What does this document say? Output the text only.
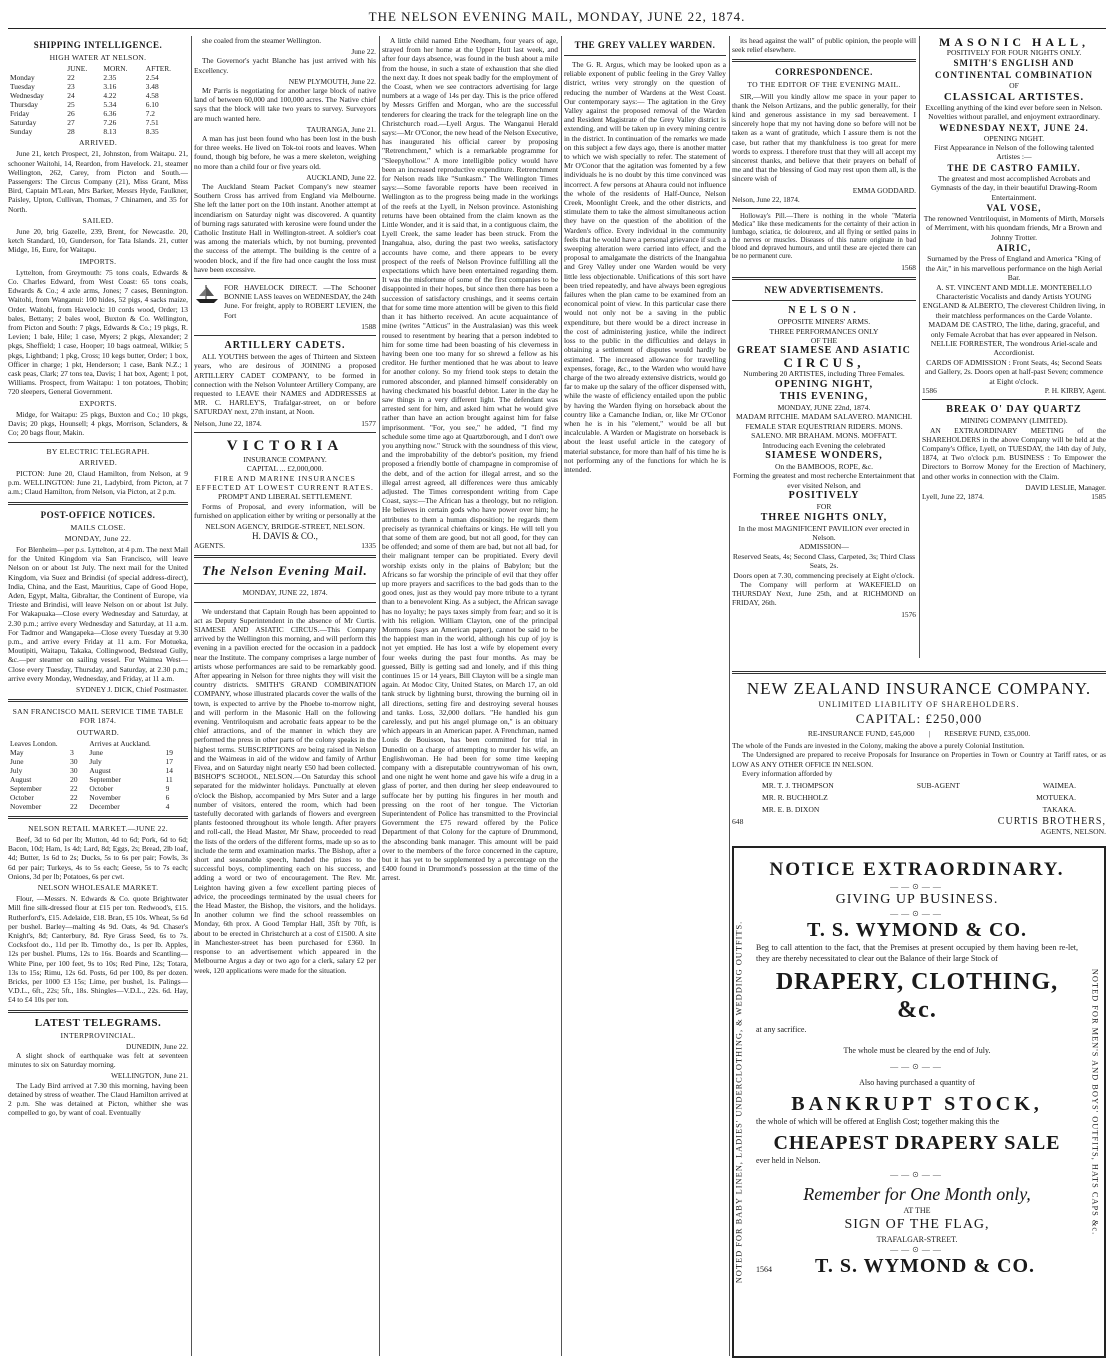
THE NELSON EVENING MAIL, MONDAY, JUNE 22, 1874.
SHIPPING INTELLIGENCE.
HIGH WATER AT NELSON.
	JUNE.	MORN.	AFTER.
Monday	22	2.35	2.54
Tuesday	23	3.16	3.48
Wednesday	24	4.22	4.58
Thursday	25	5.34	6.10
Friday	26	6.36	7.2
Saturday	27	7.26	7.51
Sunday	28	8.13	8.35
ARRIVED.

June 21, ketch Prospect, 21, Johnston, from Waitapu. 21, schooner Waitohi, 14, Reardon, from Havelock. 21, steamer Wellington, 262, Carey, from Picton and South.—Passengers: The Circus Company (21), Miss Grant, Miss Bird, Captain M'Lean, Mrs Barker, Messrs Hyde, Faulkner, Paisley, Upton, Cullivan, Thomas, 7 Chinamen, and 35 for North.

SAILED.

June 20, brig Gazelle, 239, Brent, for Newcastle. 20, ketch Standard, 10, Gunderson, for Tata Islands. 21, cutter Midge, 16, Eure, for Waitapu.

IMPORTS.

Lyttelton, from Greymouth: 75 tons coals, Edwards & Co. Charles Edward, from West Coast: 65 tons coals, Edwards & Co.; 4 axle arms, Jones; 7 cases, Bennington. Waitohi, from Wanganui: 100 hides, 52 pigs, 4 sacks maize, Order. Waitohi, from Havelock: 10 cords wood, Order; 13 bales, Bettany; 2 bales wool, Buxton & Co. Wellington, from Picton and South: 7 pkgs, Edwards & Co.; 19 pkgs, R. Levien; 1 bale, Hile; 1 case, Myers; 2 pkgs, Alexander; 2 pkgs, Sheffield; 1 case, Hooper; 10 bags oatmeal, Wilkie; 5 pkgs, Lightband; 1 pkg, Cross; 10 kegs butter, Order; 1 box, Officer in charge; 1 pkt, Henderson; 1 case, Bank N.Z.; 1 cask peas, Clark; 27 tons tea, Davis; 1 hat box, Agent; 1 pot, Williams. Prospect, from Waitapu: 1 ton potatoes, Thobin; 720 sleepers, General Government.

EXPORTS.

Midge, for Waitapu: 25 pkgs, Buxton and Co.; 10 pkgs, Davis; 20 pkgs, Hounsell; 4 pkgs, Morrison, Sclanders, & Co; 20 bags flour, Makin.

BY ELECTRIC TELEGRAPH.
ARRIVED.

PICTON: June 20, Claud Hamilton, from Nelson, at 9 p.m. WELLINGTON: June 21, Ladybird, from Picton, at 7 a.m.; Claud Hamilton, from Nelson, via Picton, at 2 p.m.

POST-OFFICE NOTICES.
MAILS CLOSE.
MONDAY, June 22.

For Blenheim—per p.s. Lyttelton, at 4 p.m. The next Mail for the United Kingdom via San Francisco, will leave Nelson on or about 1st July. The next mail for the United Kingdom, via Suez and Brindisi (of special address-direct), India, China, and the East, Mauritius, Cape of Good Hope, Aden, Egypt, Malta, Gibraltar, the Continent of Europe, via Trieste and Brindisi, will leave Nelson on or about 1st July. For Wakapuaka—Close every Wednesday and Saturday, at 2.30 p.m.; arrive every Wednesday and Saturday, at 11 a.m. For Tadmor and Wangapeka—Close every Tuesday at 9.30 p.m., and arrive every Friday at 11 a.m. For Motueka, Moutipiti, Waitapu, Takaka, Collingwood, Bedstead Gully, &c.—per steamer on sailing vessel. For Waimea West—Close every Tuesday, Thursday, and Saturday, at 2.30 p.m.; arrive every Monday, Wednesday, and Friday, at 11 a.m.

SYDNEY J. DICK, Chief Postmaster.
SAN FRANCISCO MAIL SERVICE TIME TABLE FOR 1874.
OUTWARD.
Leaves London.		Arrives at Auckland.	
May	3	June	19
June	30	July	17
July	30	August	14
August	20	September	11
September	22	October	9
October	22	November	6
November	22	December	4
NELSON RETAIL MARKET.—JUNE 22.

Beef, 3d to 6d per lb; Mutton, 4d to 6d; Pork, 6d to 6d; Bacon, 10d; Ham, 1s 4d; Lard, 8d; Eggs, 2s; Bread, 2lb loaf, 4d; Butter, 1s 6d to 2s; Ducks, 5s to 6s per pair; Fowls, 3s 6d per pair; Turkeys, 4s to 5s each; Geese, 5s to 7s each; Onions, 3d per lb; Potatoes, 6s per cwt.

NELSON WHOLESALE MARKET.

Flour, —Messrs. N. Edwards & Co. quote Brightwater Mill fine silk-dressed flour at £15 per ton. Redwood's, £15. Rutherford's, £15. Adelaide, £18. Bran, £5 10s. Wheat, 5s 6d per bushel. Barley—malting 4s 9d. Oats, 4s 9d. Chaser's Knight's, 8d; Canterbury, 8d. Rye Grass Seed, 6s to 7s. Cocksfoot do., 11d per lb. Timothy do., 1s per lb. Apples, 12s per bushel. Plums, 12s to 16s. Boards and Scantling—White Pine, per 100 feet, 9s to 10s; Red Pine, 12s; Totara, 13s to 15s; Rimu, 12s 6d. Posts, 6d per 100, 8s per dozen. Bricks, per 1000 £3 15s; Lime, per bushel, 1s. Palings—V.D.L., 6ft., 22s; 5ft., 18s. Shingles—V.D.L., 22s. 6d. Hay, £4 to £4 10s per ton.

LATEST TELEGRAMS.
INTERPROVINCIAL.
DUNEDIN, June 22.

A slight shock of earthquake was felt at seventeen minutes to six on Saturday morning.

WELLINGTON, June 21.

The Lady Bird arrived at 7.30 this morning, having been detained by stress of weather. The Claud Hamilton arrived at 2 p.m. She was detained at Picton, whither she was compelled to go, by want of coal. Eventually

she coaled from the steamer Wellington.

June 22.

The Governor's yacht Blanche has just arrived with his Excellency.

NEW PLYMOUTH, June 22.

Mr Parris is negotiating for another large block of native land of between 60,000 and 100,000 acres. The Native chief says that the block will take two years to survey. Surveyors are much wanted here.

TAURANGA, June 21.

A man has just been found who has been lost in the bush for three weeks. He lived on Tok-toi roots and leaves. When found, though big before, he was a mere skeleton, weighing no more than a child four or five years old.

AUCKLAND, June 22.

The Auckland Steam Packet Company's new steamer Southern Cross has arrived from England via Melbourne. She left the latter port on the 10th instant. Another attempt at incendiarism on Saturday night was discovered. A quantity of burning rags saturated with kerosine were found under the Catholic Institute Hall in Wellington-street. A soldier's coat was among the materials which, by not burning, prevented the success of the attempt. The building is the centre of a wooden block, and if the fire had once caught the loss must have been excessive.

FOR HAVELOCK DIRECT. —The Schooner BONNIE LASS leaves on WEDNESDAY, the 24th June. For freight, apply to ROBERT LEVIEN, the Fort

1588
ARTILLERY CADETS.

ALL YOUTHS between the ages of Thirteen and Sixteen years, who are desirous of JOINING a proposed ARTILLERY CADET COMPANY, to be formed in connection with the Nelson Volunteer Artillery Company, are requested to LEAVE their NAMES and ADDRESSES at MR. C. HARLEY'S, Trafalgar-street, on or before SATURDAY next, 27th instant, at Noon.

Nelson, June 22, 1874.	1577
VICTORIA
INSURANCE COMPANY.
CAPITAL ... £2,000,000.
FIRE AND MARINE INSURANCES EFFECTED AT LOWEST CURRENT RATES.
PROMPT AND LIBERAL SETTLEMENT.

Forms of Proposal, and every information, will be furnished on application either by writing or personally at the

NELSON AGENCY, BRIDGE-STREET, NELSON.
H. DAVIS & CO.,
AGENTS.	1335
The Nelson Evening Mail.
MONDAY, JUNE 22, 1874.

We understand that Captain Rough has been appointed to act as Deputy Superintendent in the absence of Mr Curtis. SIAMESE AND ASIATIC CIRCUS.—This Company arrived by the Wellington this morning, and will perform this evening in a pavilion erected for the occasion in a paddock near the Institute. The company comprises a large number of artists whose performances are said to be remarkably good. After appearing in Nelson for three nights they will visit the country districts. SMITH'S GRAND COMBINATION COMPANY, whose illustrated placards cover the walls of the town, is expected to arrive by the Phoebe to-morrow night, and will perform in the Masonic Hall on the following evening. Ventriloquism and acrobatic feats appear to be the chief attractions, and of the manner in which they are performed the press in other parts of the colony speaks in the highest terms. SUBSCRIPTIONS are being raised in Nelson and the Waimeas in aid of the widow and family of Arthur Fivea, and on Saturday night nearly £50 had been collected. BISHOP'S SCHOOL, NELSON.—On Saturday this school separated for the midwinter holidays. Punctually at eleven o'clock the Bishop, accompanied by Mrs Suter and a large number of visitors, entered the room, which had been tastefully decorated with garlands of flowers and evergreen plants festooned throughout its whole length. After prayers and roll-call, the Head Master, Mr Shaw, proceeded to read the lists of the orders of the different forms, made up so as to include the term and examination marks. The Bishop, after a short and seasonable speech, handed the prizes to the successful boys, complimenting each on his success, and adding a word or two of encouragement. The Rev. Mr. Leighton having given a few excellent parting pieces of advice, the proceedings terminated by the usual cheers for the Head Master, the Bishop, the visitors, and the holidays. In another column we find the school reassembles on Monday, 6th prox. A Good Templar Hall, 35ft by 70ft, is about to be erected in Christchurch at a cost of £1500. A site in Manchester-street has been purchased for £360. In response to an advertisement which appeared in the Melbourne Argus a day or two ago for a clerk, salary £2 per week, 120 applications were made for the situation.

A little child named Ethe Needham, four years of age, strayed from her home at the Upper Hutt last week, and after four days absence, was found in the bush about a mile from the house, in such a state of exhaustion that she died the next day. It does not speak badly for the employment of the Coast, when we see contractors advertising for large numbers at a wage of 14s per day. This is the price offered by Messrs Griffen and Morgan, who are the successful tenderers for clearing the track for the telegraph line on the Christchurch road.—Lyell Argus. The Wanganui Herald says:—Mr O'Conor, the new head of the Nelson Executive, has inaugurated his official career by proposing "Retrenchment," which is a remarkable programme for "Sleepyhollow." A more intelligible policy would have been an increased reproductive expenditure. Retrenchment for Nelson reads like "Sunkasm." The Wellington Times says:—Some favorable reports have been received in Wellington as to the progress being made in the workings of the reefs at the Lyell, in Nelson province. Astonishing returns have been obtained from the claim known as the Little Wonder, and it is said that, in a contiguous claim, the Lyell Creek, the same leader has been struck. From the Inangahua, also, during the past two weeks, satisfactory accounts have come, and there appears to be every prospect of the reefs of Nelson Province fulfilling all the expectations which have been entertained regarding them. It was the misfortune of some of the first companies to be disappointed in their hopes, but since then there has been a succession of satisfactory crushings, and it seems certain that for some time more attention will be given to this field than it has hitherto received. An acute acquaintance of mine (writes "Atticus" in the Australasian) was this week roused to resentment by hearing that a person indebted to him for some time had been boasting of his cleverness in having been one too many for so shrewd a fellow as his creditor. He further mentioned that he was about to leave for another colony. So my friend took steps to detain the rumored absconder, and planned himself considerably on having checkmated his boastful debtor. Later in the day he saw things in a very different light. The defendant was arrested sent for him, and asked him what he would give rather than have an action brought against him for false imprisonment. "For, you see," he added, "I find my schedule some time ago at Quartzborough, and I don't owe you anything now." Struck with the soundness of this view, and the improbability of the debtor's position, my friend proposed a friendly bottle of champagne in compromise of the debt, and of the action for illegal arrest, and so the illegal arrest agreed, all differences were thus amicably adjusted. The Times correspondent writing from Cape Coast, says:—The African has a theology, but no religion. He believes in certain gods who have power over him; he attributes to them a human disposition; he regards them precisely as tyrannical chieftains or kings. He will tell you that some of them are good, but not all good, for they can be offended; and some of them are bad, but not all bad, for their malignant temper can be propitiated. Every devil worship exists only in the plains of Babylon; but the Africans so far worship the principle of evil that they offer up more prayers and sacrifices to the bad gods than to the good ones, just as they would pay more tribute to a tyrant than to a benevolent King. As a subject, the African savage has no loyalty; he pays taxes simply from fear; and so it is with his religion. William Clayton, one of the principal Mormons (says an American paper), cannot be said to be the happiest man in the world, although his cup of joy is not yet emptied. He has lost a wife by elopement every four weeks during the past four months. As may be guessed, Billy is getting sad and lonely, and if this thing continues 15 or 14 years, Bill Clayton will be a single man again. At Modoc City, United States, on March 17, an old tank struck by lightning burst, throwing the burning oil in all directions, setting fire and destroying several houses and tanks. Loss, 32,000 dollars. "He handled his gun carelessly, and put his angel plumage on," is an obituary which appears in an American paper. A Frenchman, named Louis de Bouisson, has been committed for trial in Dunedin on a charge of attempting to murder his wife, an Englishwoman. He had been for some time keeping company with a disreputable countrywoman of his own, and one night he went home and gave his wife a drug in a glass of porter, and then during her sleep endeavoured to suffocate her by putting his fingures in her mouth and pressing on the root of her tongue. The Victorian Superintendent of Police has transmitted to the Provincial Government the £75 reward offered by the Police Department of that Colony for the capture of Drummond, the absconding bank manager. This amount will be paid over to the members of the force concerned in the capture, but it has yet to be supplemented by a percentage on the £400 found in Drummond's possession at the time of the arrest.

THE GREY VALLEY WARDEN.

The G. R. Argus, which may be looked upon as a reliable exponent of public feeling in the Grey Valley district, writes very strongly on the question of reducing the number of Wardens at the West Coast. Our contemporary says:— The agitation in the Grey Valley against the proposed removal of the Warden and Resident Magistrate of the Grey Valley district is extending, and will be taken up in every mining centre in the district. In continuation of the remarks we made on this subject a few days ago, there is another matter to which we wish specially to refer. The statement of Mr O'Conor that the agitation was fomented by a few individuals he is no doubt by this time convinced was incorrect. A few persons at Ahaura could not influence the whole of the residents of Half-Ounce, Nelson Creek, Moonlight Creek, and the other districts, and stimulate them to take the almost simultaneous action they have on the question of the abolition of the Warden's office. Every individual in the community feels that he would have a personal grievance if such a sweeping alteration were carried into effect, and the proposal to amalgamate the districts of the Inangahua and Grey Valley under one Warden would be very little less objectionable. Unifications of this sort have been tried repeatedly, and have always been egregious failures when the plan came to be examined from an economical point of view. In this particular case there would not only not be a saving in the public expenditure, but there would be a direct increase in the cost of administering justice, while the indirect loss to the public in the difficulties and delays in obtaining a settlement of disputes would hardly be estimated. The increased allowance for travelling expenses, forage, &c., to the Warden who would have charge of the two already extensive districts, would go far to make up the salary of the officer dispensed with, while the waste of efficiency entailed upon the public by having the Warden flying on horseback about the country like a Camanche Indian, or, like Mr O'Conor when he is in his "element," would be all but incalculable. A Warden or Magistrate on horseback is about the least useful article in the category of material substance, for more than half of his time he is not performing any of the functions for which he is intended.

its head against the wall" of public opinion, the people will seek relief elsewhere.

CORRESPONDENCE.
TO THE EDITOR OF THE EVENING MAIL.

SIR,—Will you kindly allow me space in your paper to thank the Nelson Artizans, and the public generally, for their kind and generous assistance in my sad bereavement. I sincerely hope that my not having done so before will not be taken as a want of gratitude, which I assure them is not the case, but rather that my thankfulness is too great for mere words to express. I therefore trust that they will all accept my sincerest thanks, and believe that their prayers on behalf of me and that the blessing of God may rest upon them all, is the sincere wish of

EMMA GODDARD.
Nelson, June 22, 1874.

Holloway's Pill.—There is nothing in the whole "Materia Medica" like these medicaments for the certainty of their action in lumbago, sciatica, tic doloureux, and all flying or settled pains in the nerves or muscles. Diseases of this nature originate in bad blood and depraved humours, and until these are ejected there can be no permanent cure.

1568
NEW ADVERTISEMENTS.
NELSON.
OPPOSITE MINERS' ARMS.
THREE PERFORMANCES ONLY
OF THE
GREAT SIAMESE AND ASIATIC
CIRCUS,
Numbering 20 ARTISTES, including Three Females.
OPENING NIGHT,
THIS EVENING,
MONDAY, JUNE 22nd, 1874.
MADAM RITCHIE. MADAM SALAVERO. MANICHI. FEMALE STAR EQUESTRIAN RIDERS. MONS. SALENO. MR BRAHAM. MONS. MOFFATT.
Introducing each Evening the celebrated
SIAMESE WONDERS,
On the BAMBOOS, ROPE, &c.
Forming the greatest and most recherche Entertainment that ever visited Nelson, and
POSITIVELY
FOR
THREE NIGHTS ONLY,
In the most MAGNIFICENT PAVILION ever erected in Nelson.
ADMISSION—
Reserved Seats, 4s; Second Class, Carpeted, 3s; Third Class Seats, 2s.
Doors open at 7.30, commencing precisely at Eight o'clock.

The Company will perform at WAKEFIELD on THURSDAY Next, June 25th, and at RICHMOND on FRIDAY, 26th.

1576
MASONIC HALL,
POSITIVELY FOR FOUR NIGHTS ONLY.
SMITH'S ENGLISH AND CONTINENTAL COMBINATION
OF
CLASSICAL ARTISTES.
Excelling anything of the kind ever before seen in Nelson.
Novelties without parallel, and enjoyment extraordinary.
WEDNESDAY NEXT, JUNE 24.
OPENING NIGHT.
First Appearance in Nelson of the following talented Artistes :—
THE DE CASTRO FAMILY.
The greatest and most accomplished Acrobats and Gymnasts of the day, in their beautiful Drawing-Room Entertainment.
VAL VOSE,
The renowned Ventriloquist, in Moments of Mirth, Morsels of Merriment, with his quondam friends, Mr a Brown and Johnny Trotter.
AIRIC,
Surnamed by the Press of England and America "King of the Air," in his marvellous performance on the high Aerial Bar.
A. ST. VINCENT AND MDLLE. MONTEBELLO
Characteristic Vocalists and dandy Artists YOUNG ENGLAND & ALBERTO, The cleverest Children living, in their matchless performances on the Carde Volante. MADAM DE CASTRO, The lithe, daring, graceful, and only Female Acrobat that has ever appeared in Nelson. NELLIE FORRESTER, The wondrous Ariel-scale and Accordionist.
CARDS OF ADMISSION : Front Seats, 4s; Second Seats and Gallery, 2s. Doors open at half-past Seven; commence at Eight o'clock.
1586	P. H. KIRBY, Agent.
BREAK O' DAY QUARTZ
MINING COMPANY (LIMITED).

AN EXTRAORDINARY MEETING of the SHAREHOLDERS in the above Company will be held at the Company's Office, Lyell, on TUESDAY, the 14th day of July, 1874, at Two o'clock p.m. BUSINESS : To Empower the Directors to Borrow Money for the Erection of Machinery, and other works in connection with the Claim.

DAVID LESLIE, Manager.
Lyell, June 22, 1874.	1585
NEW ZEALAND INSURANCE COMPANY.
UNLIMITED LIABILITY OF SHAREHOLDERS.
CAPITAL: £250,000
RE-INSURANCE FUND, £45,000 | RESERVE FUND, £35,000.
The whole of the Funds are invested in the Colony, making the above a purely Colonial Institution.
The Undersigned are prepared to receive Proposals for Insurance on Properties in Town or Country at Tariff rates, or as LOW AS ANY OTHER OFFICE IN NELSON.
Every information afforded by
MR. T. J. THOMPSON	SUB-AGENT	WAIMEA.
MR. R. BUCHHOLZ	MOTUEKA.
MR. E. B. DIXON	TAKAKA.
648	CURTIS BROTHERS,
AGENTS, NELSON.
NOTED FOR BABY LINEN, LADIES' UNDERCLOTHING, & WEDDING OUTFITS.
NOTICE EXTRAORDINARY.
——⊙——
GIVING UP BUSINESS.
——⊙——
T. S. WYMOND & CO.
Beg to call attention to the fact, that the Premises at present occupied by them having been re-let, they are thereby necessitated to clear out the Balance of their large Stock of
DRAPERY, CLOTHING, &c.
at any sacrifice.
The whole must be cleared by the end of July.
——⊙——
Also having purchased a quantity of
BANKRUPT STOCK,
the whole of which will be offered at English Cost; together making this the
CHEAPEST DRAPERY SALE
ever held in Nelson.
——⊙——
Remember for One Month only,
AT THE
SIGN OF THE FLAG,
TRAFALGAR-STREET.
——⊙——
1564	T. S. WYMOND & CO.
NOTED FOR MEN'S AND BOYS' OUTFITS, HATS CAPS &c.
